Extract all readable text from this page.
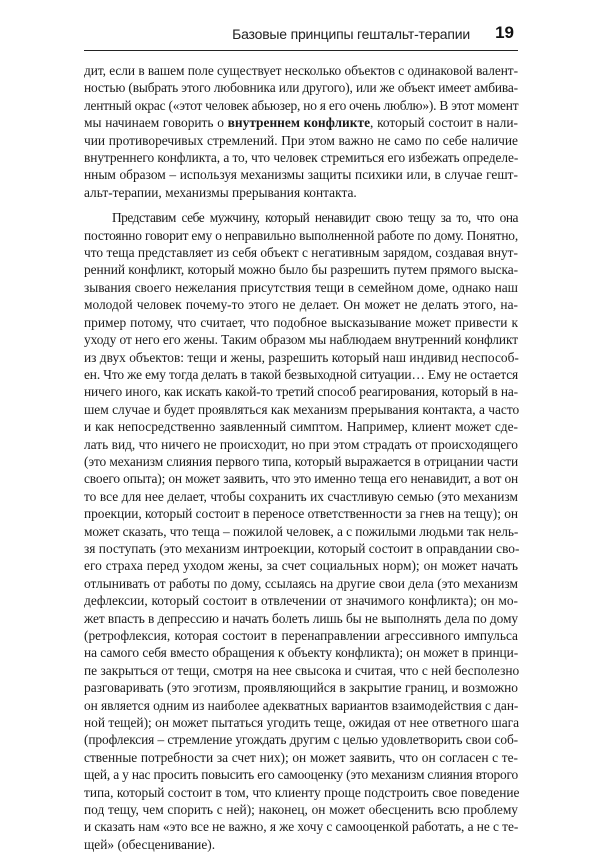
Базовые принципы гештальт-терапии 19

дит, если в вашем поле существует несколько объектов с одинаковой валент-
ностью (выбрать этого любовника или другого), или же объект имеет амбива-
лентный окрас («этот человек абьюзер, но я его очень люблю»). В этот момент
мы начинаем говорить о внутреннем конфликте, который состоит в нали-
чии противоречивых стремлений. При этом важно не само по себе наличие
внутреннего конфликта, а то, что человек стремиться его избежать определе-
нным образом – используя механизмы защиты психики или, в случае гешт-
альт-терапии, механизмы прерывания контакта.

Представим себе мужчину, который ненавидит свою тещу за то, что она
постоянно говорит ему о неправильно выполненной работе по дому. Понятно,
что теща представляет из себя объект с негативным зарядом, создавая внут-
ренний конфликт, который можно было бы разрешить путем прямого выска-
зывания своего нежелания присутствия тещи в семейном доме, однако наш
молодой человек почему-то этого не делает. Он может не делать этого, на-
пример потому, что считает, что подобное высказывание может привести к
уходу от него его жены. Таким образом мы наблюдаем внутренний конфликт
из двух объектов: тещи и жены, разрешить который наш индивид неспособ-
ен. Что же ему тогда делать в такой безвыходной ситуации… Ему не остается
ничего иного, как искать какой-то третий способ реагирования, который в на-
шем случае и будет проявляться как механизм прерывания контакта, а часто
и как непосредственно заявленный симптом. Например, клиент может сде-
лать вид, что ничего не происходит, но при этом страдать от происходящего
(это механизм слияния первого типа, который выражается в отрицании части
своего опыта); он может заявить, что это именно теща его ненавидит, а вот он
то все для нее делает, чтобы сохранить их счастливую семью (это механизм
проекции, который состоит в переносе ответственности за гнев на тещу); он
может сказать, что теща – пожилой человек, а с пожилыми людьми так нель-
зя поступать (это механизм интроекции, который состоит в оправдании сво-
его страха перед уходом жены, за счет социальных норм); он может начать
отлынивать от работы по дому, ссылаясь на другие свои дела (это механизм
дефлексии, который состоит в отвлечении от значимого конфликта); он мо-
жет впасть в депрессию и начать болеть лишь бы не выполнять дела по дому
(ретрофлексия, которая состоит в перенаправлении агрессивного импульса
на самого себя вместо обращения к объекту конфликта); он может в принци-
пе закрыться от тещи, смотря на нее свысока и считая, что с ней бесполезно
разговаривать (это эготизм, проявляющийся в закрытие границ, и возможно
он является одним из наиболее адекватных вариантов взаимодействия с дан-
ной тещей); он может пытаться угодить теще, ожидая от нее ответного шага
(профлексия – стремление угождать другим с целью удовлетворить свои соб-
ственные потребности за счет них); он может заявить, что он согласен с те-
щей, а у нас просить повысить его самооценку (это механизм слияния второго
типа, который состоит в том, что клиенту проще подстроить свое поведение
под тещу, чем спорить с ней); наконец, он может обесценить всю проблему
и сказать нам «это все не важно, я же хочу с самооценкой работать, а не с те-
щей» (обесценивание).
